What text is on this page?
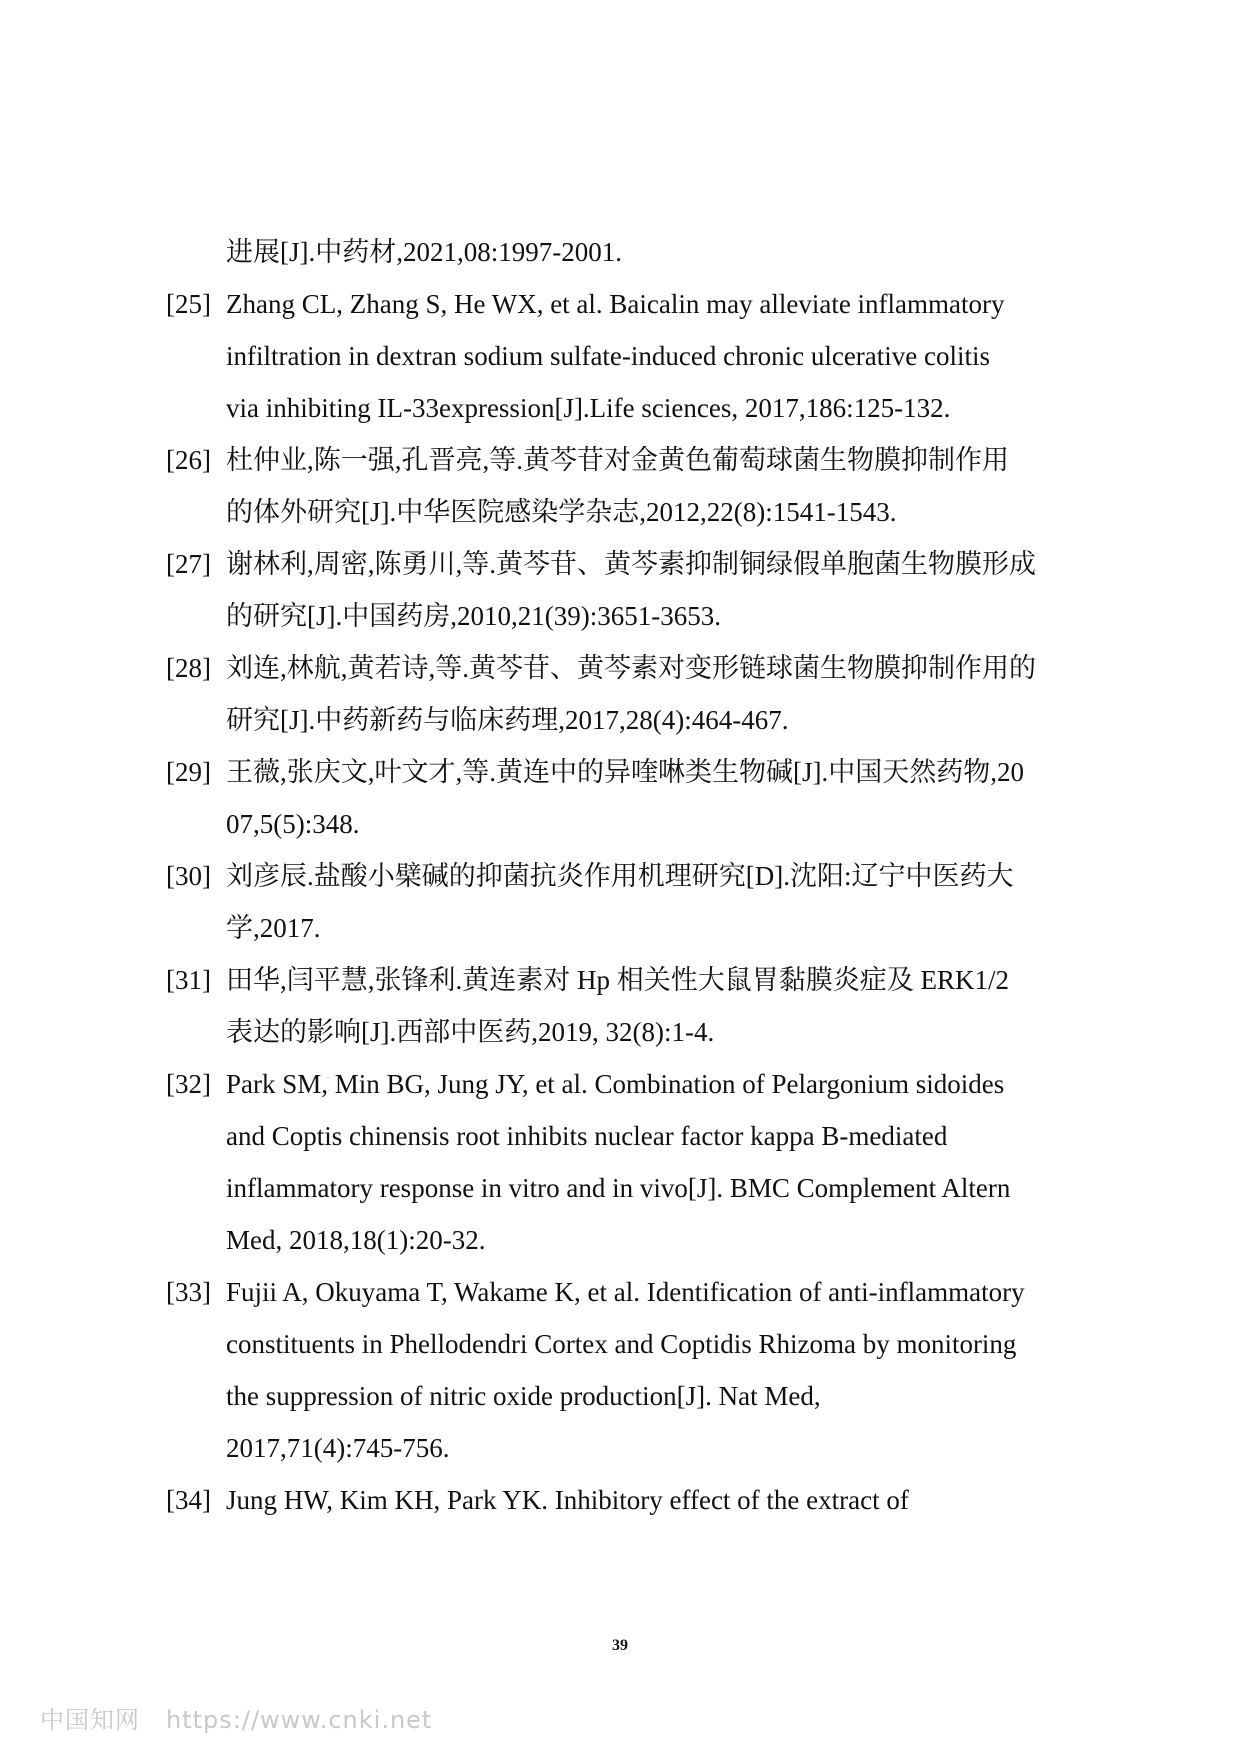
进展[J].中药材,2021,08:1997-2001.
[25] Zhang CL, Zhang S, He WX, et al. Baicalin may alleviate inflammatory
infiltration in dextran sodium sulfate-induced chronic ulcerative colitis
via inhibiting IL-33expression[J].Life sciences, 2017,186:125-132.
[26] 杜仲业,陈一强,孔晋亮,等.黄芩苷对金黄色葡萄球菌生物膜抑制作用
的体外研究[J].中华医院感染学杂志,2012,22(8):1541-1543.
[27] 谢林利,周密,陈勇川,等.黄芩苷、黄芩素抑制铜绿假单胞菌生物膜形成
的研究[J].中国药房,2010,21(39):3651-3653.
[28] 刘连,林航,黄若诗,等.黄芩苷、黄芩素对变形链球菌生物膜抑制作用的
研究[J].中药新药与临床药理,2017,28(4):464-467.
[29] 王薇,张庆文,叶文才,等.黄连中的异喹啉类生物碱[J].中国天然药物,20
07,5(5):348.
[30] 刘彦辰.盐酸小檗碱的抑菌抗炎作用机理研究[D].沈阳:辽宁中医药大
学,2017.
[31] 田华,闫平慧,张锋利.黄连素对 Hp 相关性大鼠胃黏膜炎症及 ERK1/2
表达的影响[J].西部中医药,2019, 32(8):1-4.
[32] Park SM, Min BG, Jung JY, et al. Combination of Pelargonium sidoides
and Coptis chinensis root inhibits nuclear factor kappa B-mediated
inflammatory response in vitro and in vivo[J]. BMC Complement Altern
Med, 2018,18(1):20-32.
[33] Fujii A, Okuyama T, Wakame K, et al. Identification of anti-inflammatory
constituents in Phellodendri Cortex and Coptidis Rhizoma by monitoring
the suppression of nitric oxide production[J]. Nat Med,
2017,71(4):745-756.
[34] Jung HW, Kim KH, Park YK. Inhibitory effect of the extract of
39
中国知网 https://www.cnki.net
